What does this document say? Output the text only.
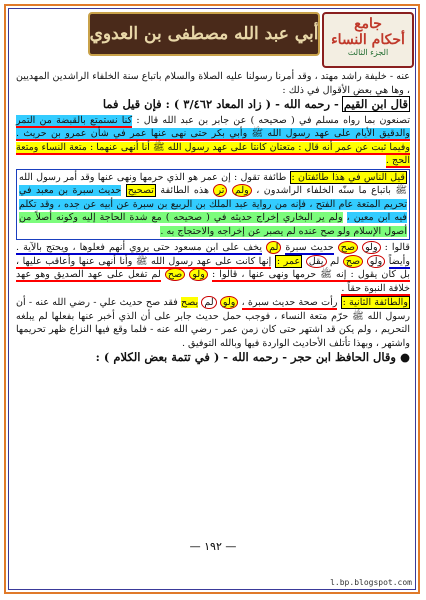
أبي عبد الله مصطفى بن العدوي	جامع
أحكام النساء
الجزء الثالث

عنه - خليفة راشد مهتد ، وقد أمرنا رسولنا عليه الصلاة والسلام باتباع سنة الخلفاء الراشدين المهديين ، وها هي بعض الأقوال في ذلك :

قال ابن القيم - رحمه الله - ( زاد المعاد ٣/٤٦٢ ) : فإن قيل فما

تصنعون بما رواه مسلم في ( صحيحه ) عن جابر بن عبد الله قال : كنا نستمتع بالقبضة من التمر والدقيق الأيام على عهد رسول الله ﷺ وأبي بكر حتى نهى عنها عمر في شأن عمرو بن حريث . وفيما ثبت عن عمر أنه قال : متعتان كانتا على عهد رسول الله ﷺ أنا أنهى عنهما : متعة النساء ومتعة الحج .

قيل الناس في هذا طائفتان : طائفة تقول : إن عمر هو الذي حرمها ونهى عنها وقد أمر رسول الله ﷺ باتباع ما سنّه الخلفاء الراشدون ، ولم تر هذه الطائفة تصحيح حديث سبرة بن معبد في تحريم المتعة عام الفتح ، فإنه من رواية عبد الملك بن الربيع بن سبرة عن أبيه عن جده ، وقد تكلم فيه ابن معين ، ولم ير البخاري إخراج حديثه في ( صحيحه ) مع شدة الحاجة إليه وكونه أصلاً من أصول الإسلام ولو صح عنده لم يصبر عن إخراجه والاحتجاج به .

قالوا : ولو صح حديث سبرة لم يخف على ابن مسعود حتى يروي أنهم فعلوها ، ويحتج بالآية . وأيضاً ولو صح لم يقل عمر : إنها كانت على عهد رسول الله ﷺ وأنا أنهى عنها وأعاقب عليها ، بل كان يقول : إنه ﷺ حرمها ونهى عنها ، قالوا : ولو صح لم تفعل على عهد الصديق وهو عهد خلافة النبوة حقاً .

والطائفة الثانية : رأت صحة حديث سبرة ، ولو لم يصح فقد صح حديث علي - رضي الله عنه - أن رسول الله ﷺ حرّم متعة النساء ، فوجب حمل حديث جابر على أن الذي أخبر عنها بفعلها لم يبلغه التحريم ، ولم يكن قد اشتهر حتى كان زمن عمر - رضي الله عنه - فلما وقع فيها النزاع ظهر تحريمها واشتهر ، وبهذا تأتلف الأحاديث الواردة فيها وبالله التوفيق .

● وقال الحافظ ابن حجر - رحمه الله - ( في تتمة بعض الكلام ) :

— ١٩٢ —
l.bp.blogspot.com
